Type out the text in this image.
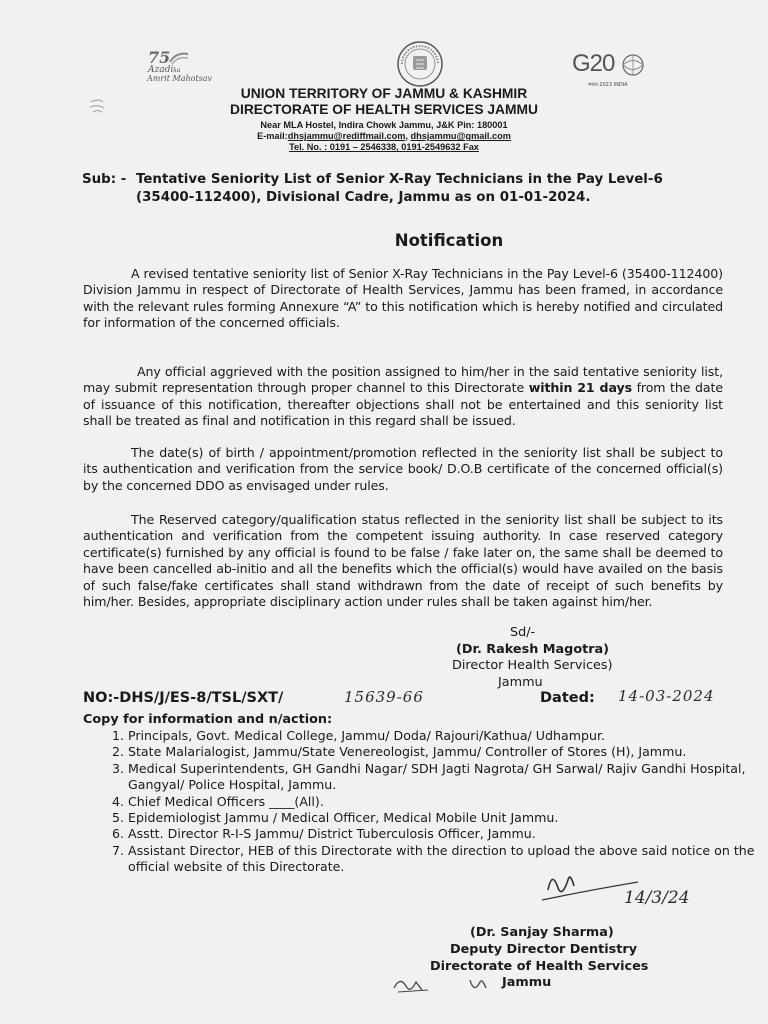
75
Azadika
Amrit Mahotsav
G20
भारत 2023 INDIA
UNION TERRITORY OF JAMMU & KASHMIR
DIRECTORATE OF HEALTH SERVICES JAMMU
Near MLA Hostel, Indira Chowk Jammu, J&K Pin: 180001
E-mail:dhsjammu@rediffmail.com, dhsjammu@gmail.com
Tel. No. : 0191 – 2546338, 0191-2549632 Fax
Sub: - Tentative Seniority List of Senior X-Ray Technicians in the Pay Level-6
(35400-112400), Divisional Cadre, Jammu as on 01-01-2024.
Notification
A revised tentative seniority list of Senior X-Ray Technicians in the Pay Level-6 (35400-112400) Division Jammu in respect of Directorate of Health Services, Jammu has been framed, in accordance with the relevant rules forming Annexure “A” to this notification which is hereby notified and circulated for information of the concerned officials.
Any official aggrieved with the position assigned to him/her in the said tentative seniority list, may submit representation through proper channel to this Directorate within 21 days from the date of issuance of this notification, thereafter objections shall not be entertained and this seniority list shall be treated as final and notification in this regard shall be issued.
The date(s) of birth / appointment/promotion reflected in the seniority list shall be subject to its authentication and verification from the service book/ D.O.B certificate of the concerned official(s) by the concerned DDO as envisaged under rules.
The Reserved category/qualification status reflected in the seniority list shall be subject to its authentication and verification from the competent issuing authority. In case reserved category certificate(s) furnished by any official is found to be false / fake later on, the same shall be deemed to have been cancelled ab-initio and all the benefits which the official(s) would have availed on the basis of such false/fake certificates shall stand withdrawn from the date of receipt of such benefits by him/her. Besides, appropriate disciplinary action under rules shall be taken against him/her.
Sd/-
(Dr. Rakesh Magotra)
Director Health Services)
Jammu
NO:-DHS/J/ES-8/TSL/SXT/	15639-66	Dated: 14-03-2024
Copy for information and n/action:
1. Principals, Govt. Medical College, Jammu/ Doda/ Rajouri/Kathua/ Udhampur.
2. State Malarialogist, Jammu/State Venereologist, Jammu/ Controller of Stores (H), Jammu.
3. Medical Superintendents, GH Gandhi Nagar/ SDH Jagti Nagrota/ GH Sarwal/ Rajiv Gandhi Hospital, Gangyal/ Police Hospital, Jammu.
4. Chief Medical Officers ____(All).
5. Epidemiologist Jammu / Medical Officer, Medical Mobile Unit Jammu.
6. Asstt. Director R-I-S Jammu/ District Tuberculosis Officer, Jammu.
7. Assistant Director, HEB of this Directorate with the direction to upload the above said notice on the official website of this Directorate.
14/3/24
(Dr. Sanjay Sharma)
Deputy Director Dentistry
Directorate of Health Services
Jammu
